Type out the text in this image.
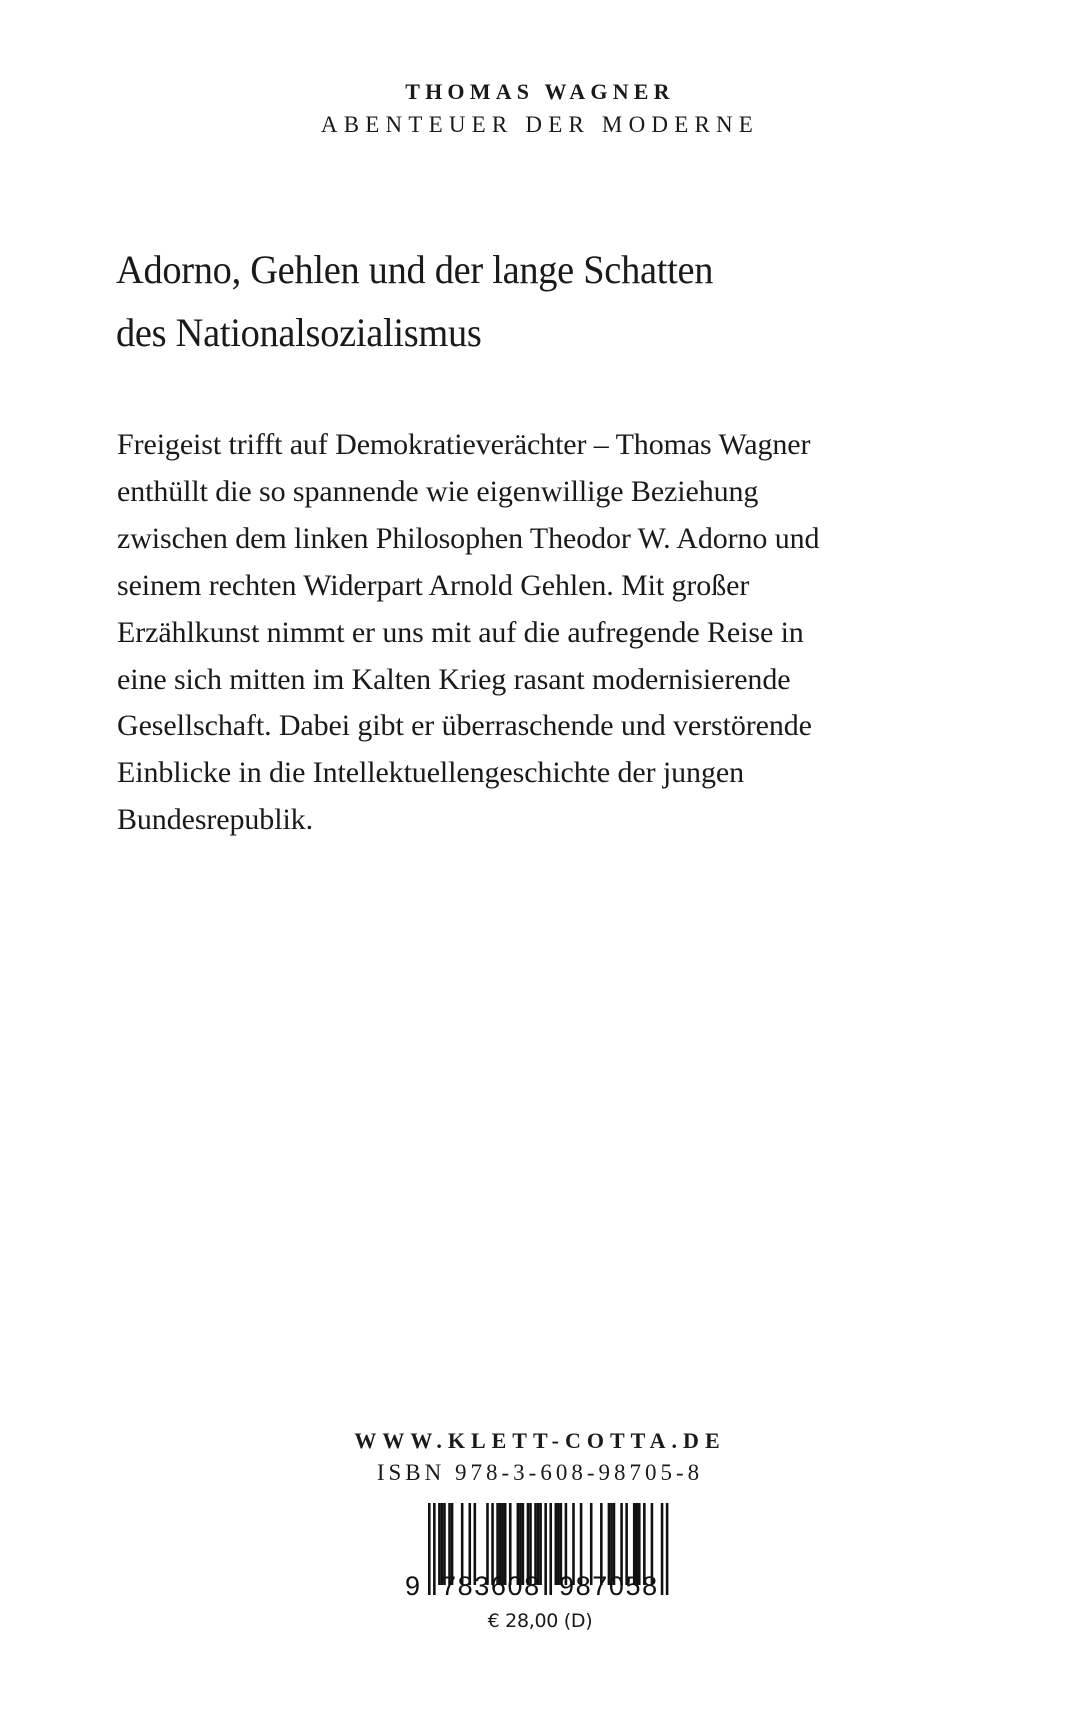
THOMAS WAGNER
ABENTEUER DER MODERNE
Adorno, Gehlen und der lange Schatten
des Nationalsozialismus
Freigeist trifft auf Demokratieverächter – Thomas Wagner
enthüllt die so spannende wie eigenwillige Beziehung
zwischen dem linken Philosophen Theodor W. Adorno und
seinem rechten Widerpart Arnold Gehlen. Mit großer
Erzählkunst nimmt er uns mit auf die aufregende Reise in
eine sich mitten im Kalten Krieg rasant modernisierende
Gesellschaft. Dabei gibt er überraschende und verstörende
Einblicke in die Intellektuellengeschichte der jungen
Bundesrepublik.
WWW.KLETT-COTTA.DE
ISBN 978-3-608-98705-8
9 783608 987058
€ 28,00 (D)
